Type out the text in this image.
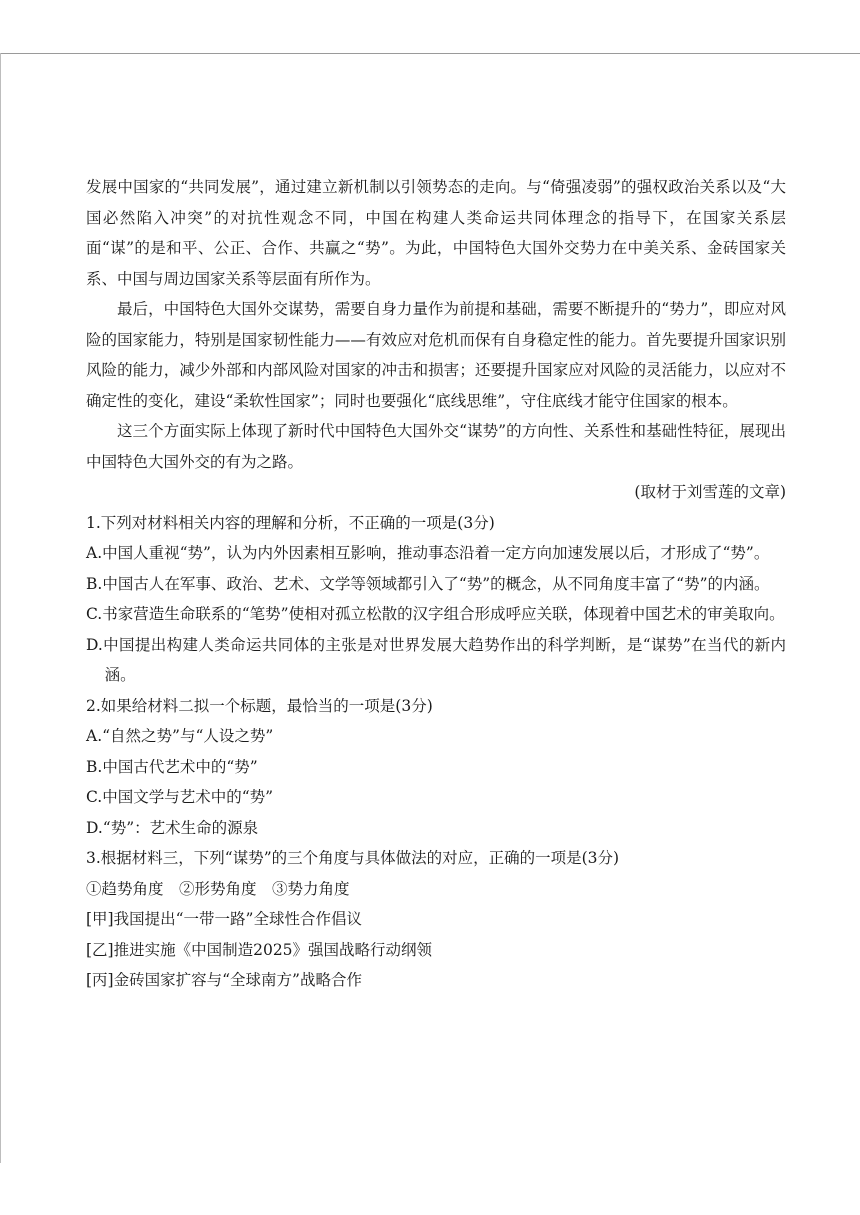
发展中国家的“共同发展”，通过建立新机制以引领势态的走向。与“倚强凌弱”的强权政治关系以及“大国必然陷入冲突”的对抗性观念不同，中国在构建人类命运共同体理念的指导下，在国家关系层面“谋”的是和平、公正、合作、共赢之“势”。为此，中国特色大国外交势力在中美关系、金砖国家关系、中国与周边国家关系等层面有所作为。

最后，中国特色大国外交谋势，需要自身力量作为前提和基础，需要不断提升的“势力”，即应对风险的国家能力，特别是国家韧性能力——有效应对危机而保有自身稳定性的能力。首先要提升国家识别风险的能力，减少外部和内部风险对国家的冲击和损害；还要提升国家应对风险的灵活能力，以应对不确定性的变化，建设“柔软性国家”；同时也要强化“底线思维”，守住底线才能守住国家的根本。

这三个方面实际上体现了新时代中国特色大国外交“谋势”的方向性、关系性和基础性特征，展现出中国特色大国外交的有为之路。

(取材于刘雪莲的文章)

1.下列对材料相关内容的理解和分析，不正确的一项是(3分)

A.中国人重视“势”，认为内外因素相互影响，推动事态沿着一定方向加速发展以后，才形成了“势”。

B.中国古人在军事、政治、艺术、文学等领域都引入了“势”的概念，从不同角度丰富了“势”的内涵。

C.书家营造生命联系的“笔势”使相对孤立松散的汉字组合形成呼应关联，体现着中国艺术的审美取向。

D.中国提出构建人类命运共同体的主张是对世界发展大趋势作出的科学判断，是“谋势”在当代的新内涵。

2.如果给材料二拟一个标题，最恰当的一项是(3分)

A.“自然之势”与“人设之势”

B.中国古代艺术中的“势”

C.中国文学与艺术中的“势”

D.“势”：艺术生命的源泉

3.根据材料三，下列“谋势”的三个角度与具体做法的对应，正确的一项是(3分)

①趋势角度　②形势角度　③势力角度

[甲]我国提出“一带一路”全球性合作倡议

[乙]推进实施《中国制造2025》强国战略行动纲领

[丙]金砖国家扩容与“全球南方”战略合作
